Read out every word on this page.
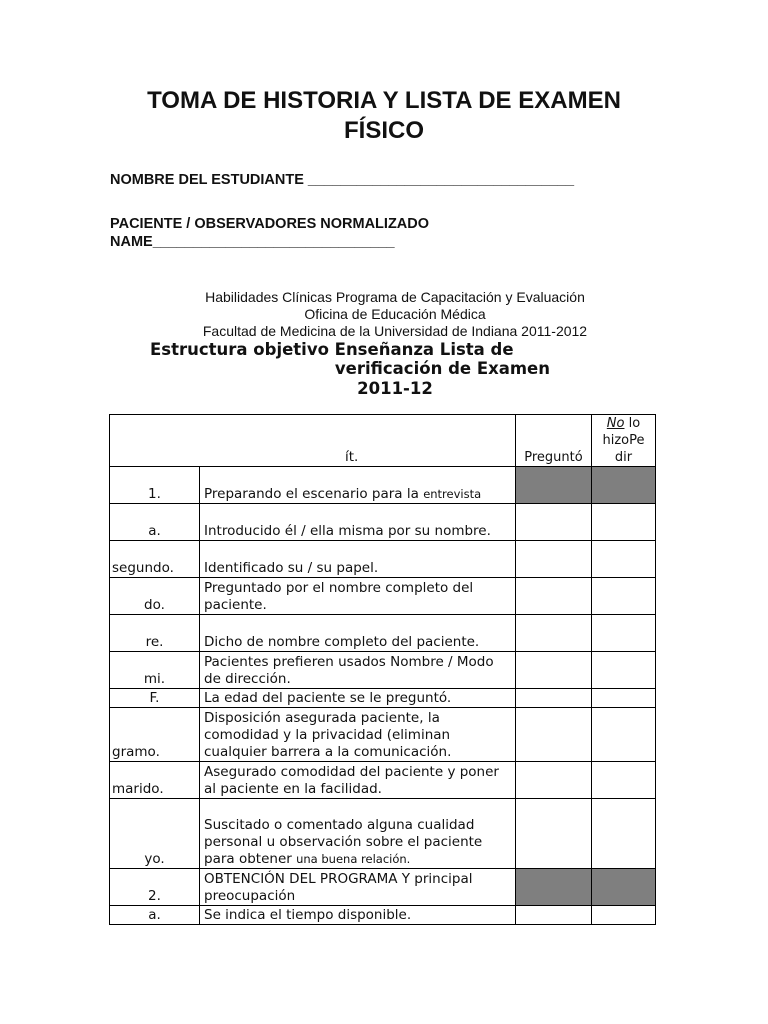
TOMA DE HISTORIA Y LISTA DE EXAMEN
FÍSICO
NOMBRE DEL ESTUDIANTE _________________________________
PACIENTE / OBSERVADORES NORMALIZADO
NAME______________________________
Habilidades Clínicas Programa de Capacitación y Evaluación
Oficina de Educación Médica
Facultad de Medicina de la Universidad de Indiana 2011-2012
Estructura objetivo Enseñanza Lista de
verificación de Examen
2011-12
ít.		Preguntó	No lo hizoPe dir
1.	Preparando el escenario para la entrevista		
a.	Introducido él / ella misma por su nombre.		
segundo.	Identificado su / su papel.		
do.	Preguntado por el nombre completo del paciente.		
re.	Dicho de nombre completo del paciente.		
mi.	Pacientes prefieren usados Nombre / Modo de dirección.		
F.	La edad del paciente se le preguntó.		
gramo.	Disposición asegurada paciente, la comodidad y la privacidad (eliminan cualquier barrera a la comunicación.		
marido.	Asegurado comodidad del paciente y poner al paciente en la facilidad.		
yo.	Suscitado o comentado alguna cualidad personal u observación sobre el paciente para obtener una buena relación.		
2.	OBTENCIÓN DEL PROGRAMA Y principal preocupación		
a.	Se indica el tiempo disponible.		
